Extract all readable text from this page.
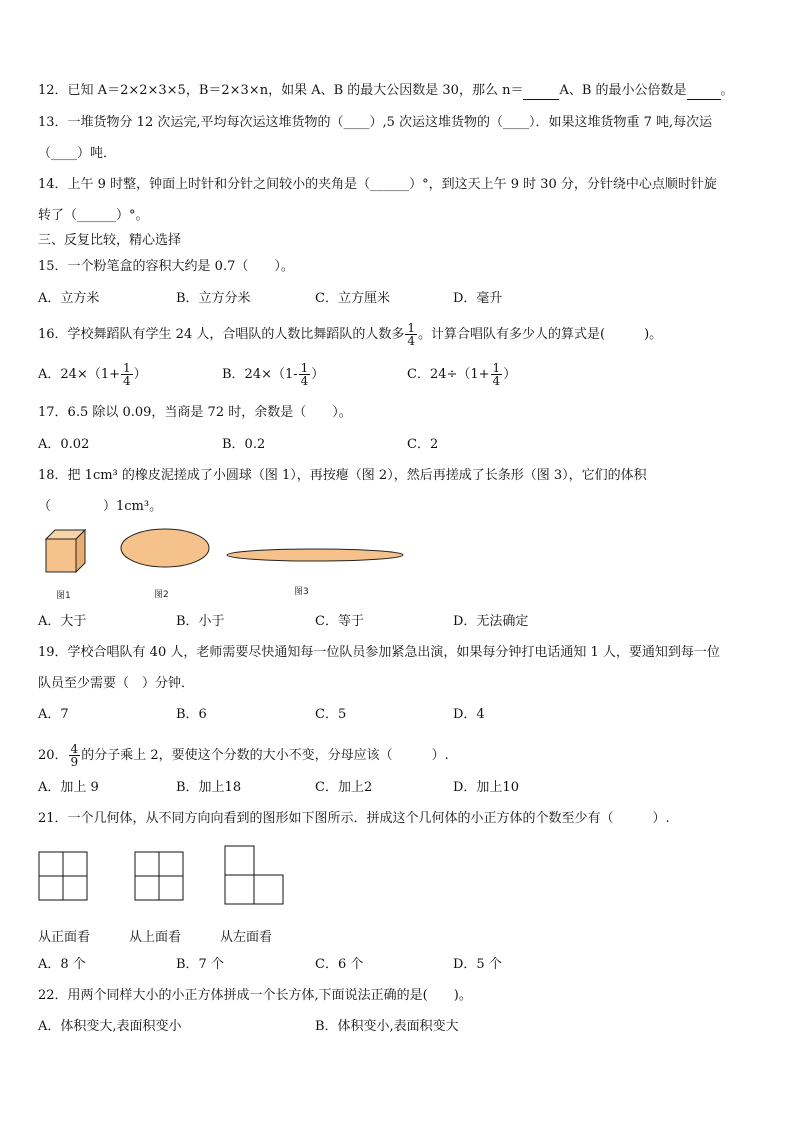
12．已知 A＝2×2×3×5，B＝2×3×n，如果 A、B 的最大公因数是 30，那么 n＝	A、B 的最小公倍数是	。
13．一堆货物分 12 次运完,平均每次运这堆货物的（____）,5 次运这堆货物的（____）．如果这堆货物重 7 吨,每次运
（____）吨．
14．上午 9 时整，钟面上时针和分针之间较小的夹角是（______）°，到这天上午 9 时 30 分，分针绕中心点顺时针旋
转了（______）°。
三、反复比较，精心选择
15．一个粉笔盒的容积大约是 0.7（　　）。
A．立方米	B．立方分米	C．立方厘米	D．毫升
16．学校舞蹈队有学生 24 人，合唱队的人数比舞蹈队的人数多 $\frac{1}{4}$ 。计算合唱队有多少人的算式是(　　　)。
A．$24\times(1+ \frac{1}{4}$ ）	B．$24\times(1- \frac{1}{4}$ ）	C．$24\div(1+ \frac{1}{4}$ ）
17．6.5 除以 0.09，当商是 72 时，余数是（　　）。
A．0.02	B．0.2	C．2
18．把 1cm³ 的橡皮泥搓成了小圆球（图 1），再按瘪（图 2），然后再搓成了长条形（图 3），它们的体积
（　　　　）1cm³。
图1	图2	图3
A．大于	B．小于	C．等于	D．无法确定
19．学校合唱队有 40 人，老师需要尽快通知每一位队员参加紧急出演，如果每分钟打电话通知 1 人，要通知到每一位
队员至少需要（　）分钟．
A．7	B．6	C．5	D．4
20． $\frac{4}{9}$ 的分子乘上 2，要使这个分数的大小不变，分母应该（　　　）.
A．加上 9	B．加上18	C．加上2	D．加上10
21．一个几何体，从不同方向向看到的图形如下图所示．拼成这个几何体的小正方体的个数至少有（　　　）.
从正面看	从上面看	从左面看
A．8 个	B．7 个	C．6 个	D．5 个
22．用两个同样大小的小正方体拼成一个长方体,下面说法正确的是(　　)。
A．体积变大,表面积变小	B．体积变小,表面积变大
